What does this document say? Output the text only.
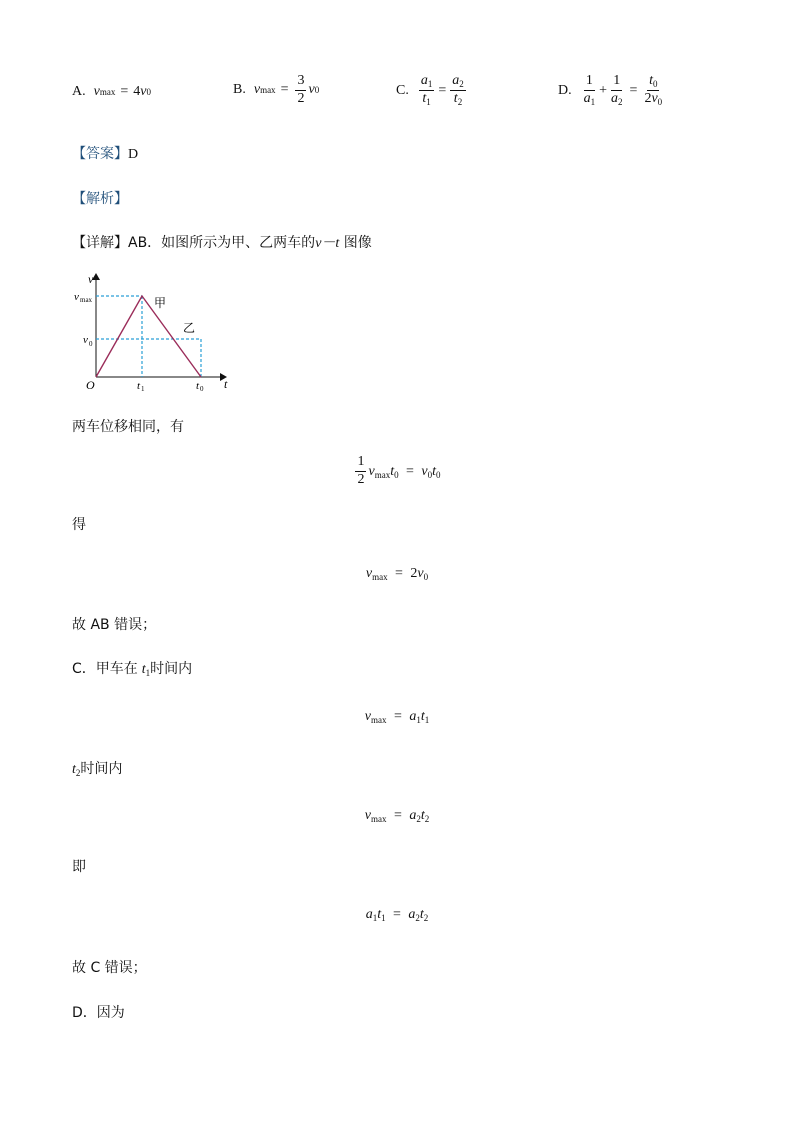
A. v max = 4 v 0	B. v $\max = \frac{3}{2}$ v 0	C. $\frac{a_1}{t_1} = \frac{a_2}{t_2}$	D. $\frac{1}{a_1} + \frac{1}{a_2} = \frac{t_0}{2v_0}$
【答案】D
【解析】
【详解】AB．如图所示为甲、乙两车的v－t 图像
v
t
O
v max
v 0
t 1	t 0
甲
乙
两车位移相同，有
$\frac{1}{2} v_{max}t_0 = v_0t_0$
得
$v_{max} = 2v_0$
故 AB 错误；
C．甲车在 $t_1$时间内
$v_{max} = a_1t_1$
$t_2$时间内
$v_{max} = a_2t_2$
即
$a_1t_1 = a_2t_2$
故 C 错误；
D．因为
